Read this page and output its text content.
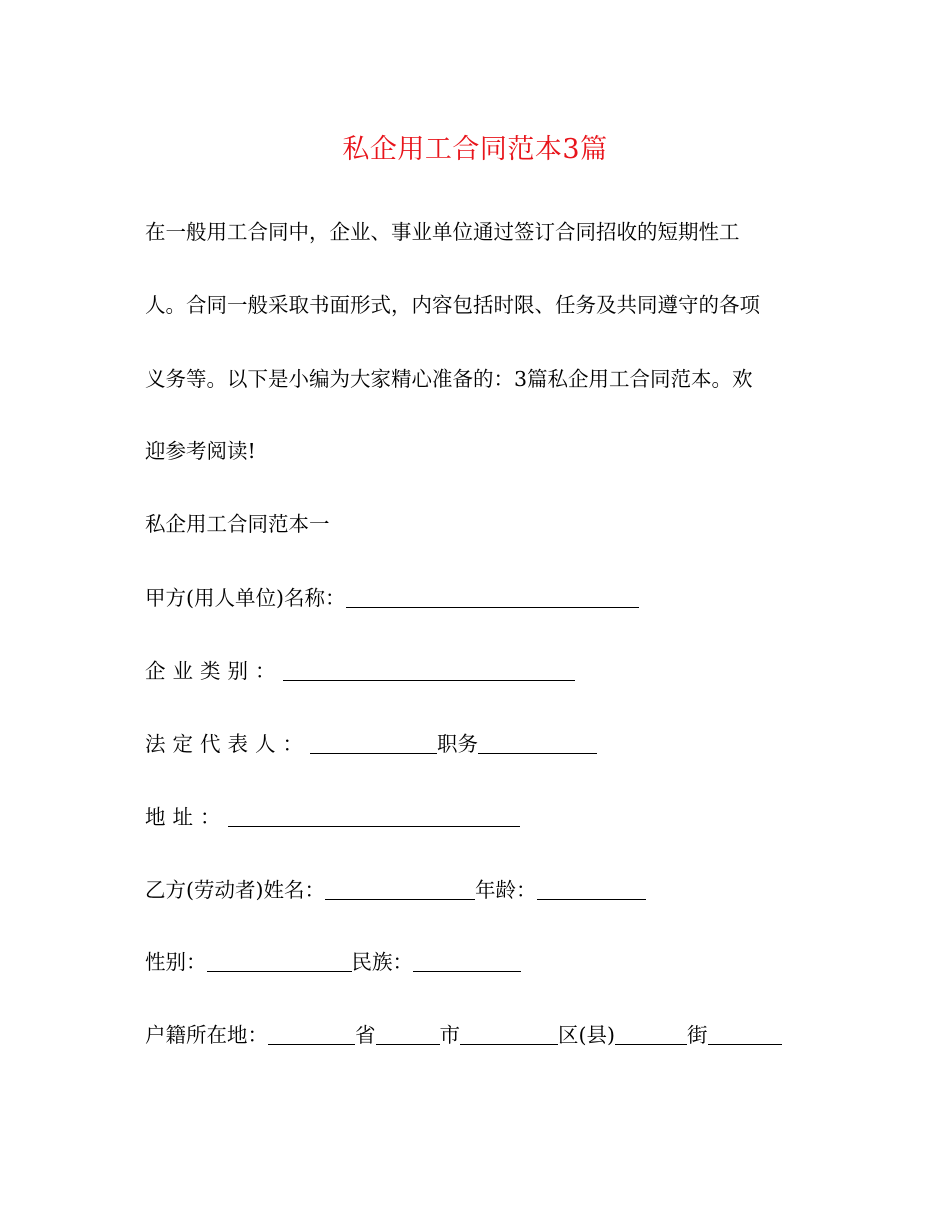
私企用工合同范本3篇
在一般用工合同中，企业、事业单位通过签订合同招收的短期性工
人。合同一般采取书面形式，内容包括时限、任务及共同遵守的各项
义务等。以下是小编为大家精心准备的：3篇私企用工合同范本。欢
迎参考阅读!
私企用工合同范本一
甲方(用人单位)名称：
企业类别：
法定代表人：	职务
地址：
乙方(劳动者)姓名：	年龄：
性别：	民族：
户籍所在地：	省	市	区(县)	街
